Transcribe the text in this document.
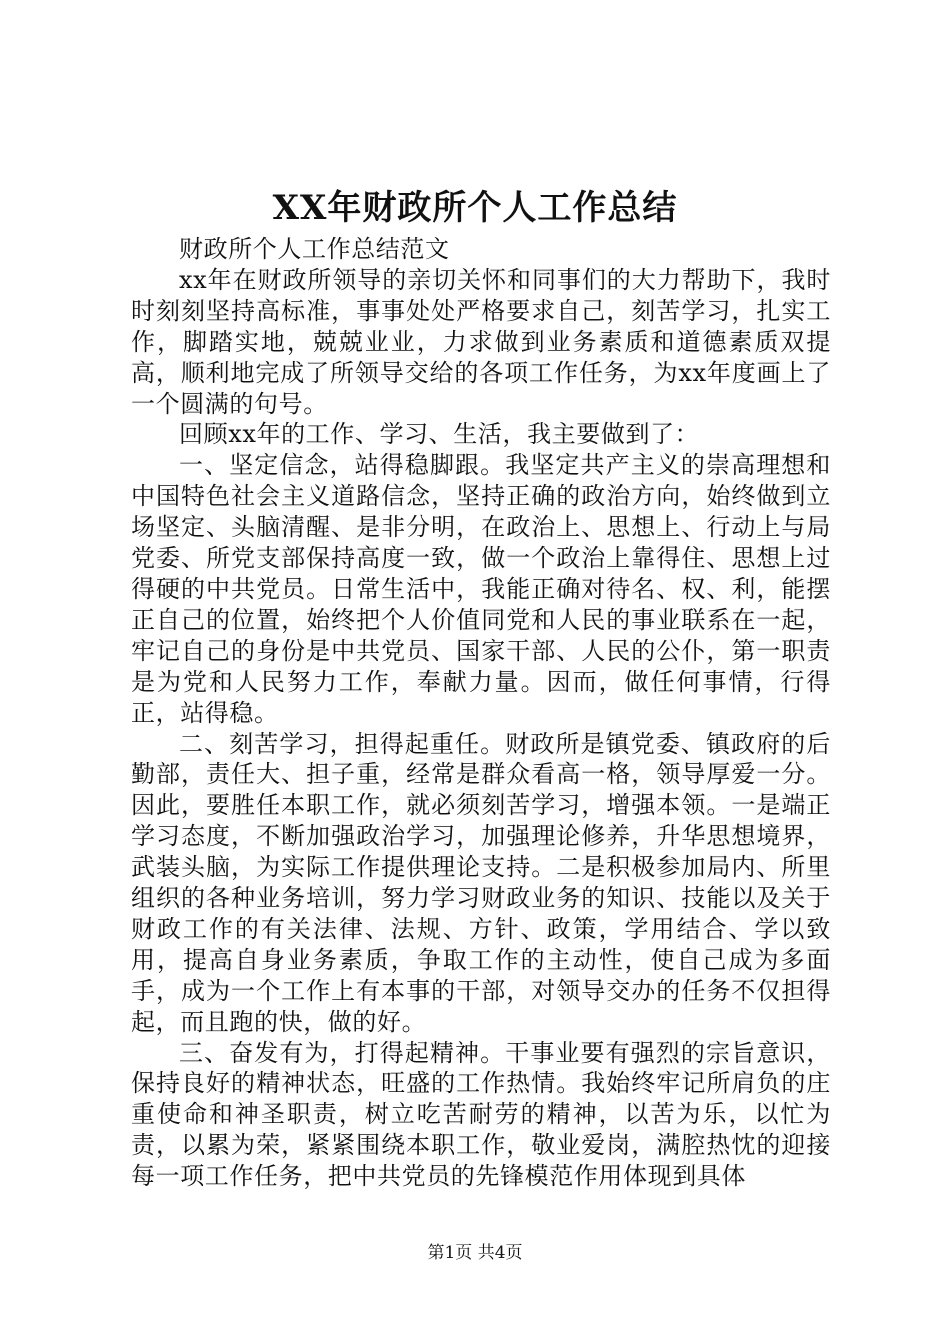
XX年财政所个人工作总结

财政所个人工作总结范文

xx年在财政所领导的亲切关怀和同事们的大力帮助下，我时时刻刻坚持高标准，事事处处严格要求自己，刻苦学习，扎实工作，脚踏实地，兢兢业业，力求做到业务素质和道德素质双提高，顺利地完成了所领导交给的各项工作任务，为xx年度画上了一个圆满的句号。

回顾xx年的工作、学习、生活，我主要做到了：

一、坚定信念，站得稳脚跟。我坚定共产主义的崇高理想和中国特色社会主义道路信念，坚持正确的政治方向，始终做到立场坚定、头脑清醒、是非分明，在政治上、思想上、行动上与局党委、所党支部保持高度一致，做一个政治上靠得住、思想上过得硬的中共党员。日常生活中，我能正确对待名、权、利，能摆正自己的位置，始终把个人价值同党和人民的事业联系在一起，牢记自己的身份是中共党员、国家干部、人民的公仆，第一职责是为党和人民努力工作，奉献力量。因而，做任何事情，行得正，站得稳。

二、刻苦学习，担得起重任。财政所是镇党委、镇政府的后勤部，责任大、担子重，经常是群众看高一格，领导厚爱一分。因此，要胜任本职工作，就必须刻苦学习，增强本领。一是端正学习态度，不断加强政治学习，加强理论修养，升华思想境界，武装头脑，为实际工作提供理论支持。二是积极参加局内、所里组织的各种业务培训，努力学习财政业务的知识、技能以及关于财政工作的有关法律、法规、方针、政策，学用结合、学以致用，提高自身业务素质，争取工作的主动性，使自己成为多面手，成为一个工作上有本事的干部，对领导交办的任务不仅担得起，而且跑的快，做的好。

三、奋发有为，打得起精神。干事业要有强烈的宗旨意识，保持良好的精神状态，旺盛的工作热情。我始终牢记所肩负的庄重使命和神圣职责，树立吃苦耐劳的精神，以苦为乐，以忙为责，以累为荣，紧紧围绕本职工作，敬业爱岗，满腔热忱的迎接每一项工作任务，把中共党员的先锋模范作用体现到具体

第1页 共4页
